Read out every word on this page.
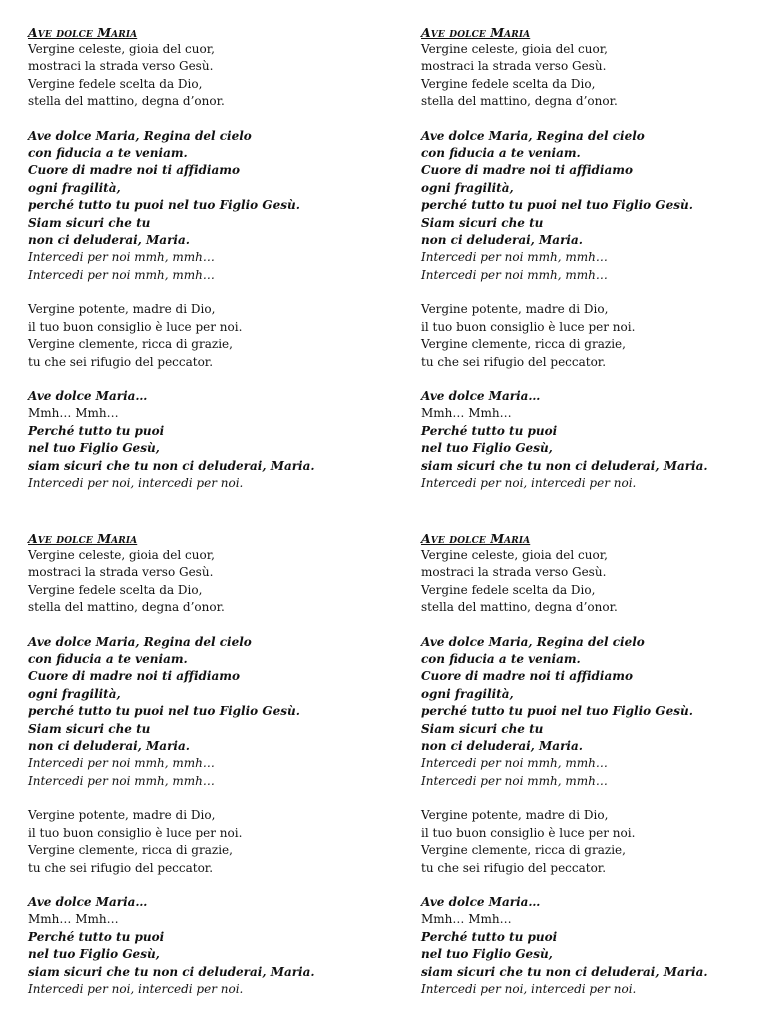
Ave dolce Maria
Vergine celeste, gioia del cuor,
mostraci la strada verso Gesù.
Vergine fedele scelta da Dio,
stella del mattino, degna d’onor.
Ave dolce Maria, Regina del cielo
con fiducia a te veniam.
Cuore di madre noi ti affidiamo
ogni fragilità,
perché tutto tu puoi nel tuo Figlio Gesù.
Siam sicuri che tu
non ci deluderai, Maria.
Intercedi per noi mmh, mmh…
Intercedi per noi mmh, mmh…
Vergine potente, madre di Dio,
il tuo buon consiglio è luce per noi.
Vergine clemente, ricca di grazie,
tu che sei rifugio del peccator.
Ave dolce Maria…
Mmh… Mmh…
Perché tutto tu puoi
nel tuo Figlio Gesù,
siam sicuri che tu non ci deluderai, Maria.
Intercedi per noi, intercedi per noi.
Ave dolce Maria
Vergine celeste, gioia del cuor,
mostraci la strada verso Gesù.
Vergine fedele scelta da Dio,
stella del mattino, degna d’onor.
Ave dolce Maria, Regina del cielo
con fiducia a te veniam.
Cuore di madre noi ti affidiamo
ogni fragilità,
perché tutto tu puoi nel tuo Figlio Gesù.
Siam sicuri che tu
non ci deluderai, Maria.
Intercedi per noi mmh, mmh…
Intercedi per noi mmh, mmh…
Vergine potente, madre di Dio,
il tuo buon consiglio è luce per noi.
Vergine clemente, ricca di grazie,
tu che sei rifugio del peccator.
Ave dolce Maria…
Mmh… Mmh…
Perché tutto tu puoi
nel tuo Figlio Gesù,
siam sicuri che tu non ci deluderai, Maria.
Intercedi per noi, intercedi per noi.
Ave dolce Maria
Vergine celeste, gioia del cuor,
mostraci la strada verso Gesù.
Vergine fedele scelta da Dio,
stella del mattino, degna d’onor.
Ave dolce Maria, Regina del cielo
con fiducia a te veniam.
Cuore di madre noi ti affidiamo
ogni fragilità,
perché tutto tu puoi nel tuo Figlio Gesù.
Siam sicuri che tu
non ci deluderai, Maria.
Intercedi per noi mmh, mmh…
Intercedi per noi mmh, mmh…
Vergine potente, madre di Dio,
il tuo buon consiglio è luce per noi.
Vergine clemente, ricca di grazie,
tu che sei rifugio del peccator.
Ave dolce Maria…
Mmh… Mmh…
Perché tutto tu puoi
nel tuo Figlio Gesù,
siam sicuri che tu non ci deluderai, Maria.
Intercedi per noi, intercedi per noi.
Ave dolce Maria
Vergine celeste, gioia del cuor,
mostraci la strada verso Gesù.
Vergine fedele scelta da Dio,
stella del mattino, degna d’onor.
Ave dolce Maria, Regina del cielo
con fiducia a te veniam.
Cuore di madre noi ti affidiamo
ogni fragilità,
perché tutto tu puoi nel tuo Figlio Gesù.
Siam sicuri che tu
non ci deluderai, Maria.
Intercedi per noi mmh, mmh…
Intercedi per noi mmh, mmh…
Vergine potente, madre di Dio,
il tuo buon consiglio è luce per noi.
Vergine clemente, ricca di grazie,
tu che sei rifugio del peccator.
Ave dolce Maria…
Mmh… Mmh…
Perché tutto tu puoi
nel tuo Figlio Gesù,
siam sicuri che tu non ci deluderai, Maria.
Intercedi per noi, intercedi per noi.
